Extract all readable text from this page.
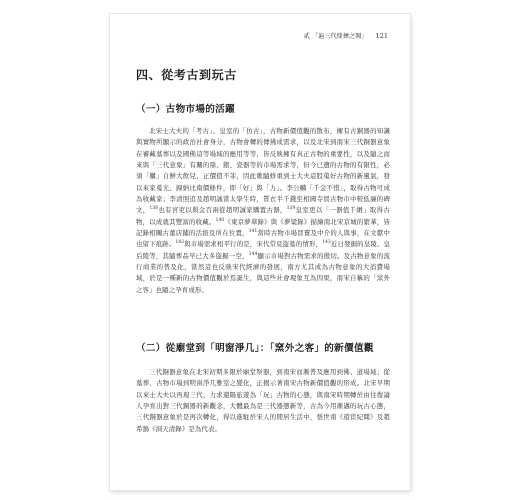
貳 「遍三代鼎彝之閣」 121
四、從考古到玩古
（一）古物市場的活躍

北宋士大夫的「考古」、皇室的「仿古」，古物新價值觀的散布，擁有古銅器的知識與實物所顯示的政治社會身分，古物會轉的傳拂成需求，以及北宋到南宋三代銅器意象在審藏墓葬以及國佛這等場域的應用等等，皆反映擁有真正古物的重要性，以及隨之而來與「三代意象」有關的鼎、銀、瓷器等的市場需求等，但今已遺的古物的有限性，必須「購」自鮮大飲兒，正價值不菲，因此歌隨修重到士大夫這股蒐好古物的新風氣，發以來家蒐光、歸納比南價條件，即「好」與「力」。李公麟「千金不惜」，取得古物可成為收藏家；李清照追及趙明誠當太學生時，質衣半千錢至相國寺買古物市中較低廉的碑文，$^{138}$也有宮吏以與金百兩從趙明誠家購置古器，$^{139}$皇室更以「一器值千緡」取得古物，以成就其豐富的收藏。$^{140}$《東京夢華錄》與《夢粱錄》描繪南北宋京城的繁華，皆記錄相關古董店鋪的活絡及所在位置，$^{141}$當時古物市場買賣及中介的人與事，在文獻中也留下痕跡。$^{142}$與市場需求相平行的是，宋代常見盜墓的情形，$^{143}$近日發掘的皇陵、皇后陵等，其隨葬品早已大多盜掘一空，$^{144}$顯示市場對古物需求的殷切。及古物意象的流行商業的普及化，當然這也反映宋代經濟的發展，南方尤其成為古物意象的大消費場域，於是一種新的古物價值觀於焉誕生，與這些社會現象互為因果，南宋自稱的「窯外之客」也隨之孕育成形。

（二）從廟堂到「明窗淨几」：「窯外之客」的新價值觀

三代銅器意象在北宋初期多限於廟堂祭器，到南宋而漸普及應用到佛、道場域；從墓葬、古物市場到明窗淨几雅室之變化，正揭示著南宋古物新價值觀的形成。北宋早期以來士大夫以再現三代、力求還陽旅遊為「玩」古物的心態，與南宋時期轉於由往復論人孕育出對三代銅器的新觀念，大體最為是三代器態新等，古為今用漸邁的玩古心態，三代銅器意象於是再次轉化，得以進駐於宋人的閒居生活中，張世南《遊宦紀聞》及趙希鵠《洞天清錄》是為代表。
